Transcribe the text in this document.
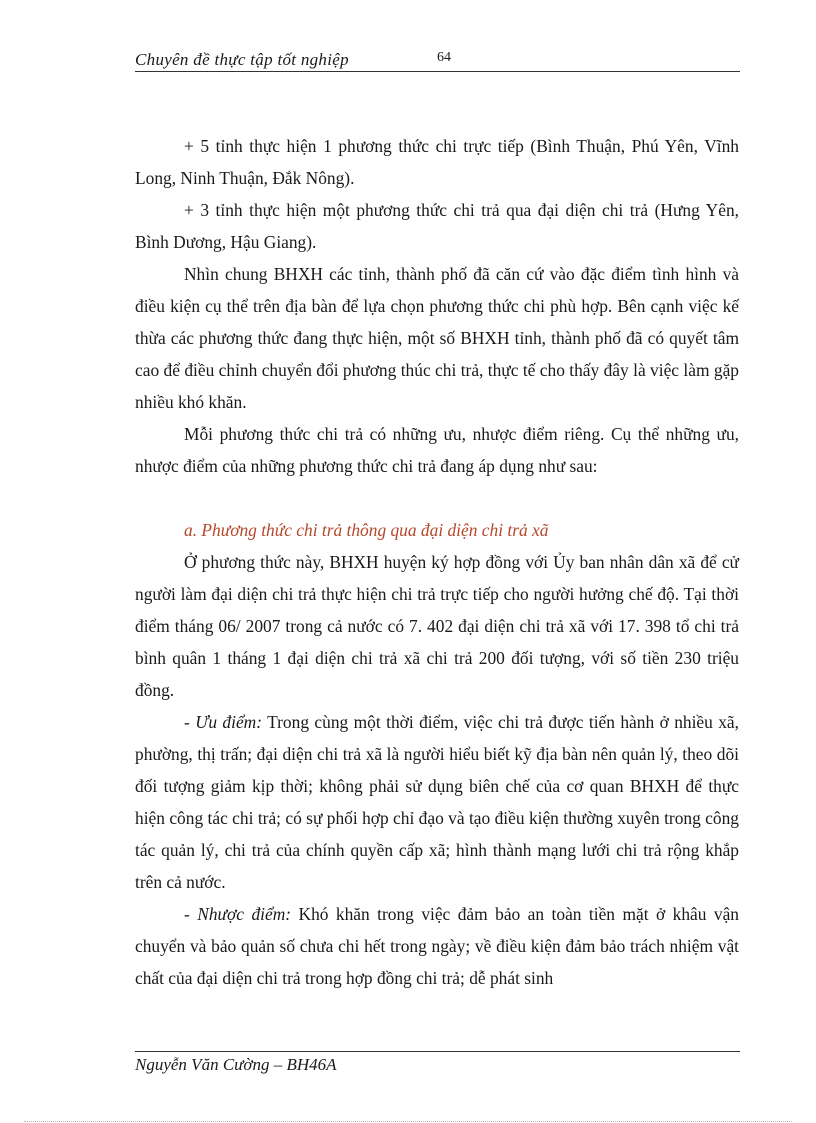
Chuyên đề thực tập tốt nghiệp	64

+ 5 tỉnh thực hiện 1 phương thức chi trực tiếp (Bình Thuận, Phú Yên, Vĩnh Long, Ninh Thuận, Đắk Nông).

+ 3 tỉnh thực hiện một phương thức chi trả qua đại diện chi trả (Hưng Yên, Bình Dương, Hậu Giang).

Nhìn chung BHXH các tỉnh, thành phố đã căn cứ vào đặc điểm tình hình và điều kiện cụ thể trên địa bàn để lựa chọn phương thức chi phù hợp. Bên cạnh việc kế thừa các phương thức đang thực hiện, một số BHXH tỉnh, thành phố đã có quyết tâm cao để điều chỉnh chuyển đổi phương thúc chi trả, thực tế cho thấy đây là việc làm gặp nhiều khó khăn.

Mỗi phương thức chi trả có những ưu, nhược điểm riêng. Cụ thể những ưu, nhược điểm của những phương thức chi trả đang áp dụng như sau:

a. Phương thức chi trả thông qua đại diện chi trả xã

Ở phương thức này, BHXH huyện ký hợp đồng với Ủy ban nhân dân xã để cử người làm đại diện chi trả thực hiện chi trả trực tiếp cho người hưởng chế độ. Tại thời điểm tháng 06/ 2007 trong cả nước có 7. 402 đại diện chi trả xã với 17. 398 tổ chi trả bình quân 1 tháng 1 đại diện chi trả xã chi trả 200 đối tượng, với số tiền 230 triệu đồng.

- Ưu điểm: Trong cùng một thời điểm, việc chi trả được tiến hành ở nhiều xã, phường, thị trấn; đại diện chi trả xã là người hiểu biết kỹ địa bàn nên quản lý, theo dõi đối tượng giảm kịp thời; không phải sử dụng biên chế của cơ quan BHXH để thực hiện công tác chi trả; có sự phối hợp chỉ đạo và tạo điều kiện thường xuyên trong công tác quản lý, chi trả của chính quyền cấp xã; hình thành mạng lưới chi trả rộng khắp trên cả nước.

- Nhược điểm: Khó khăn trong việc đảm bảo an toàn tiền mặt ở khâu vận chuyển và bảo quản số chưa chi hết trong ngày; về điều kiện đảm bảo trách nhiệm vật chất của đại diện chi trả trong hợp đồng chi trả; dễ phát sinh

Nguyễn Văn Cường – BH46A
